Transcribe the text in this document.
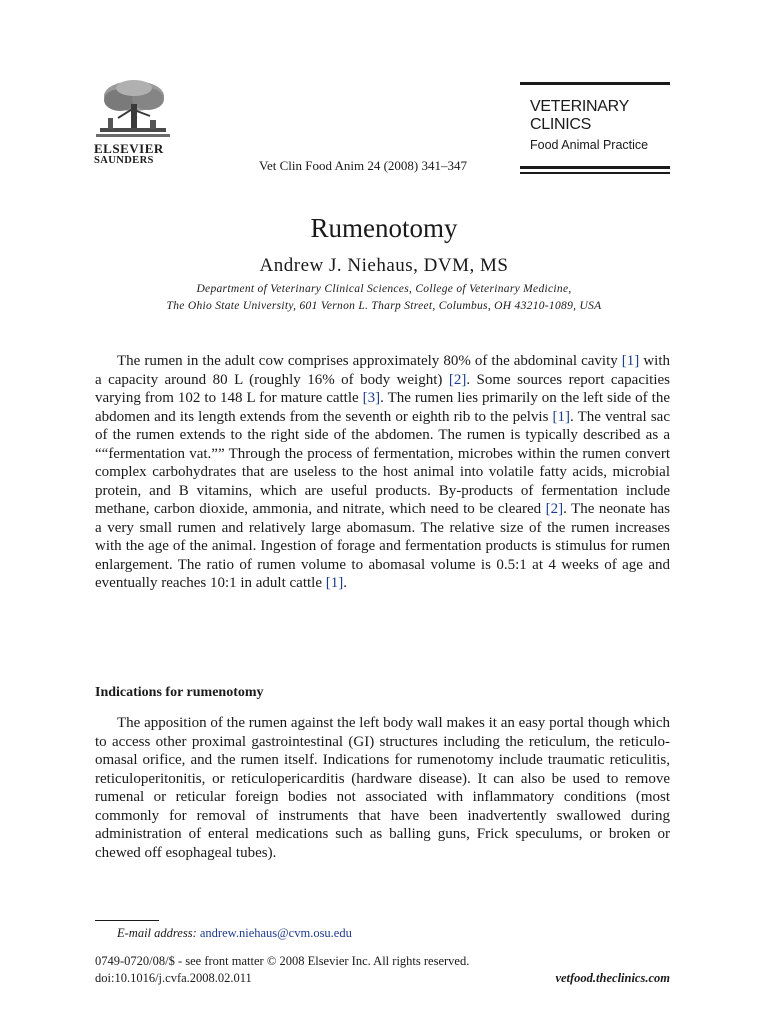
ELSEVIER
SAUNDERS	Vet Clin Food Anim 24 (2008) 341–347
VETERINARY
CLINICS
Food Animal Practice
Rumenotomy
Andrew J. Niehaus, DVM, MS
Department of Veterinary Clinical Sciences, College of Veterinary Medicine,
The Ohio State University, 601 Vernon L. Tharp Street, Columbus, OH 43210-1089, USA
The rumen in the adult cow comprises approximately 80% of the abdominal cavity [1] with a capacity around 80 L (roughly 16% of body weight) [2]. Some sources report capacities varying from 102 to 148 L for mature cattle [3]. The rumen lies primarily on the left side of the abdomen and its length extends from the seventh or eighth rib to the pelvis [1]. The ventral sac of the rumen extends to the right side of the abdomen. The rumen is typically described as a ““fermentation vat.”” Through the process of fermentation, microbes within the rumen convert complex carbohydrates that are useless to the host animal into volatile fatty acids, microbial protein, and B vitamins, which are useful products. By-products of fermentation include methane, carbon dioxide, ammonia, and nitrate, which need to be cleared [2]. The neonate has a very small rumen and relatively large abomasum. The relative size of the rumen increases with the age of the animal. Ingestion of forage and fermentation products is stimulus for rumen enlargement. The ratio of rumen volume to abomasal volume is 0.5:1 at 4 weeks of age and eventually reaches 10:1 in adult cattle [1].
Indications for rumenotomy
The apposition of the rumen against the left body wall makes it an easy portal though which to access other proximal gastrointestinal (GI) structures including the reticulum, the reticulo-omasal orifice, and the rumen itself. Indications for rumenotomy include traumatic reticulitis, reticuloperitonitis, or reticulopericarditis (hardware disease). It can also be used to remove rumenal or reticular foreign bodies not associated with inflammatory conditions (most commonly for removal of instruments that have been inadvertently swallowed during administration of enteral medications such as balling guns, Frick speculums, or broken or chewed off esophageal tubes).
E-mail address: andrew.niehaus@cvm.osu.edu
0749-0720/08/$ - see front matter © 2008 Elsevier Inc. All rights reserved.
doi:10.1016/j.cvfa.2008.02.011	vetfood.theclinics.com
